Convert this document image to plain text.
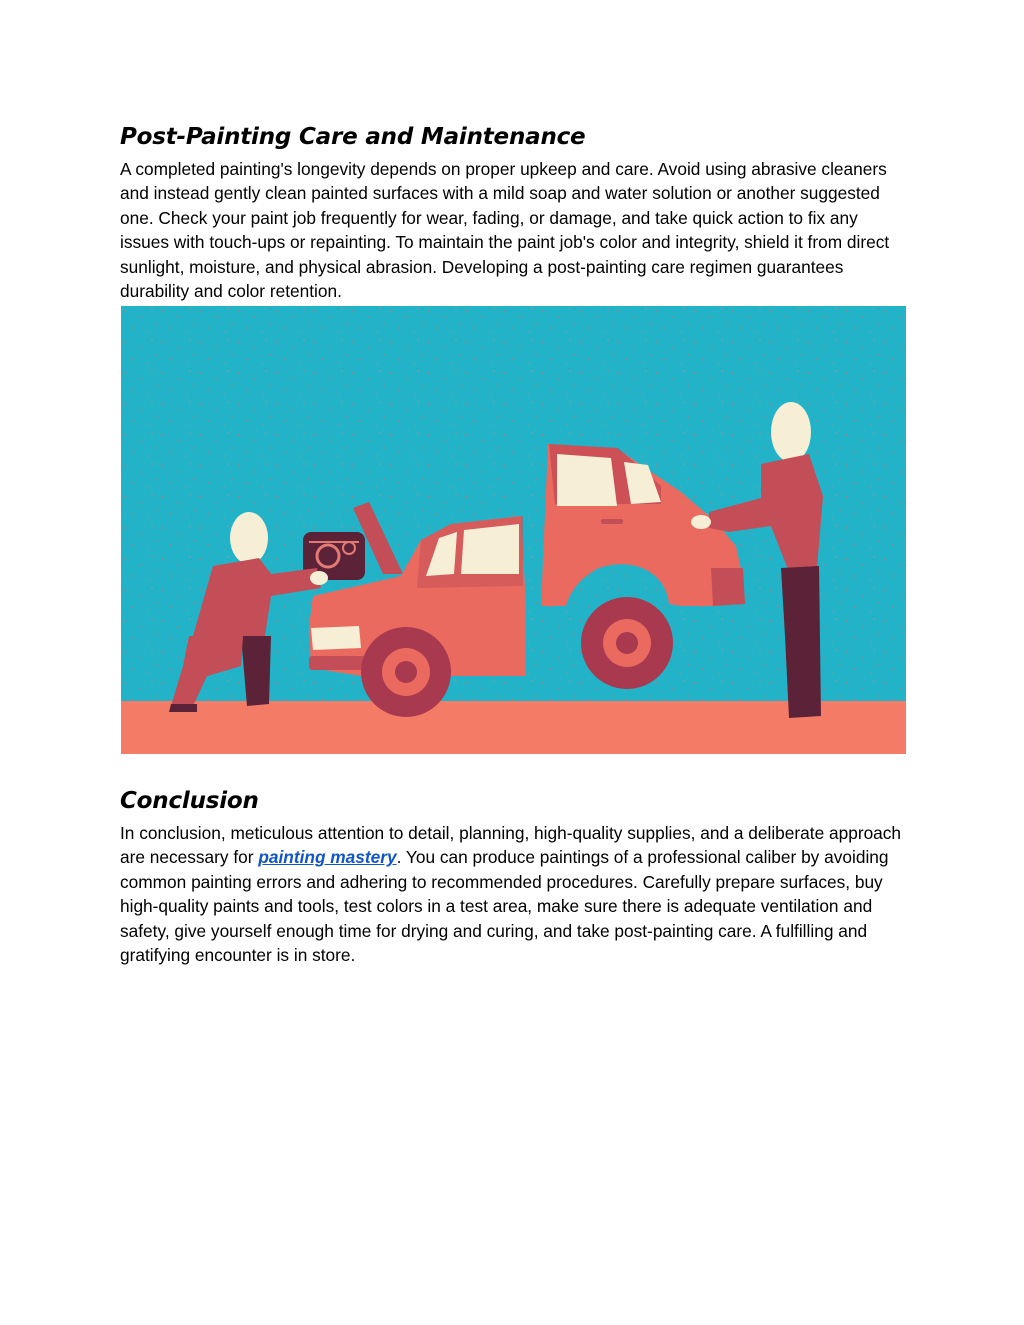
Post-Painting Care and Maintenance

A completed painting's longevity depends on proper upkeep and care. Avoid using abrasive cleaners and instead gently clean painted surfaces with a mild soap and water solution or another suggested one. Check your paint job frequently for wear, fading, or damage, and take quick action to fix any issues with touch-ups or repainting. To maintain the paint job's color and integrity, shield it from direct sunlight, moisture, and physical abrasion. Developing a post-painting care regimen guarantees durability and color retention.

Conclusion

In conclusion, meticulous attention to detail, planning, high-quality supplies, and a deliberate approach are necessary for painting mastery. You can produce paintings of a professional caliber by avoiding common painting errors and adhering to recommended procedures. Carefully prepare surfaces, buy high-quality paints and tools, test colors in a test area, make sure there is adequate ventilation and safety, give yourself enough time for drying and curing, and take post-painting care. A fulfilling and gratifying encounter is in store.
